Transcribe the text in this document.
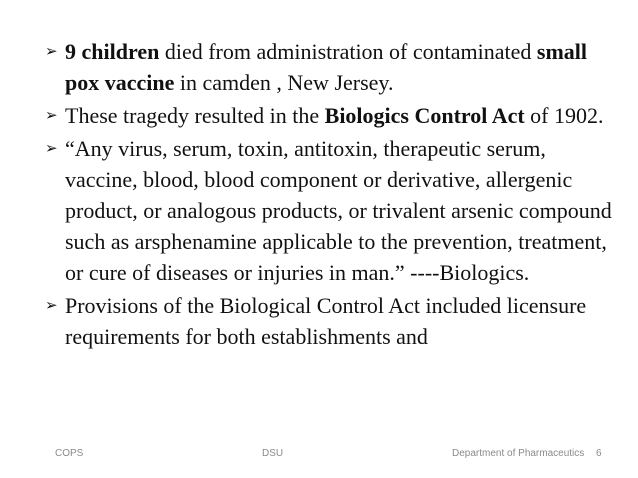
➢ 9 children died from administration of contaminated small pox vaccine in camden , New Jersey.
➢ These tragedy resulted in the Biologics Control Act of 1902.
➢ “Any virus, serum, toxin, antitoxin, therapeutic serum, vaccine, blood, blood component or derivative, allergenic product, or analogous products, or trivalent arsenic compound such as arsphenamine applicable to the prevention, treatment, or cure of diseases or injuries in man.” ----Biologics.
➢ Provisions of the Biological Control Act included licensure requirements for both establishments and
COPS	DSU	Department of Pharmaceutics 6
